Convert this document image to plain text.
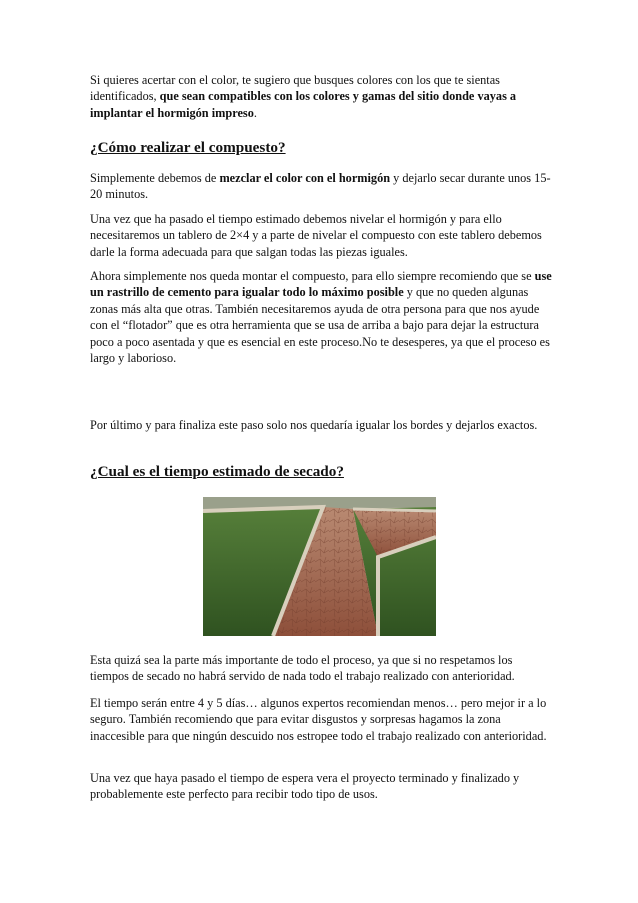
Si quieres acertar con el color, te sugiero que busques colores con los que te sientas identificados, que sean compatibles con los colores y gamas del sitio donde vayas a implantar el hormigón impreso.

¿Cómo realizar el compuesto?

Simplemente debemos de mezclar el color con el hormigón y dejarlo secar durante unos 15-20 minutos.

Una vez que ha pasado el tiempo estimado debemos nivelar el hormigón y para ello necesitaremos un tablero de 2×4 y a parte de nivelar el compuesto con este tablero debemos darle la forma adecuada para que salgan todas las piezas iguales.

Ahora simplemente nos queda montar el compuesto, para ello siempre recomiendo que se use un rastrillo de cemento para igualar todo lo máximo posible y que no queden algunas zonas más alta que otras. También necesitaremos ayuda de otra persona para que nos ayude con el “flotador” que es otra herramienta que se usa de arriba a bajo para dejar la estructura poco a poco asentada y que es esencial en este proceso.No te desesperes, ya que el proceso es largo y laborioso.

Por último y para finaliza este paso solo nos quedaría igualar los bordes y dejarlos exactos.

¿Cual es el tiempo estimado de secado?

Esta quizá sea la parte más importante de todo el proceso, ya que si no respetamos los tiempos de secado no habrá servido de nada todo el trabajo realizado con anterioridad.

El tiempo serán entre 4 y 5 días… algunos expertos recomiendan menos… pero mejor ir a lo seguro. También recomiendo que para evitar disgustos y sorpresas hagamos la zona inaccesible para que ningún descuido nos estropee todo el trabajo realizado con anterioridad.

Una vez que haya pasado el tiempo de espera vera el proyecto terminado y finalizado y probablemente este perfecto para recibir todo tipo de usos.
